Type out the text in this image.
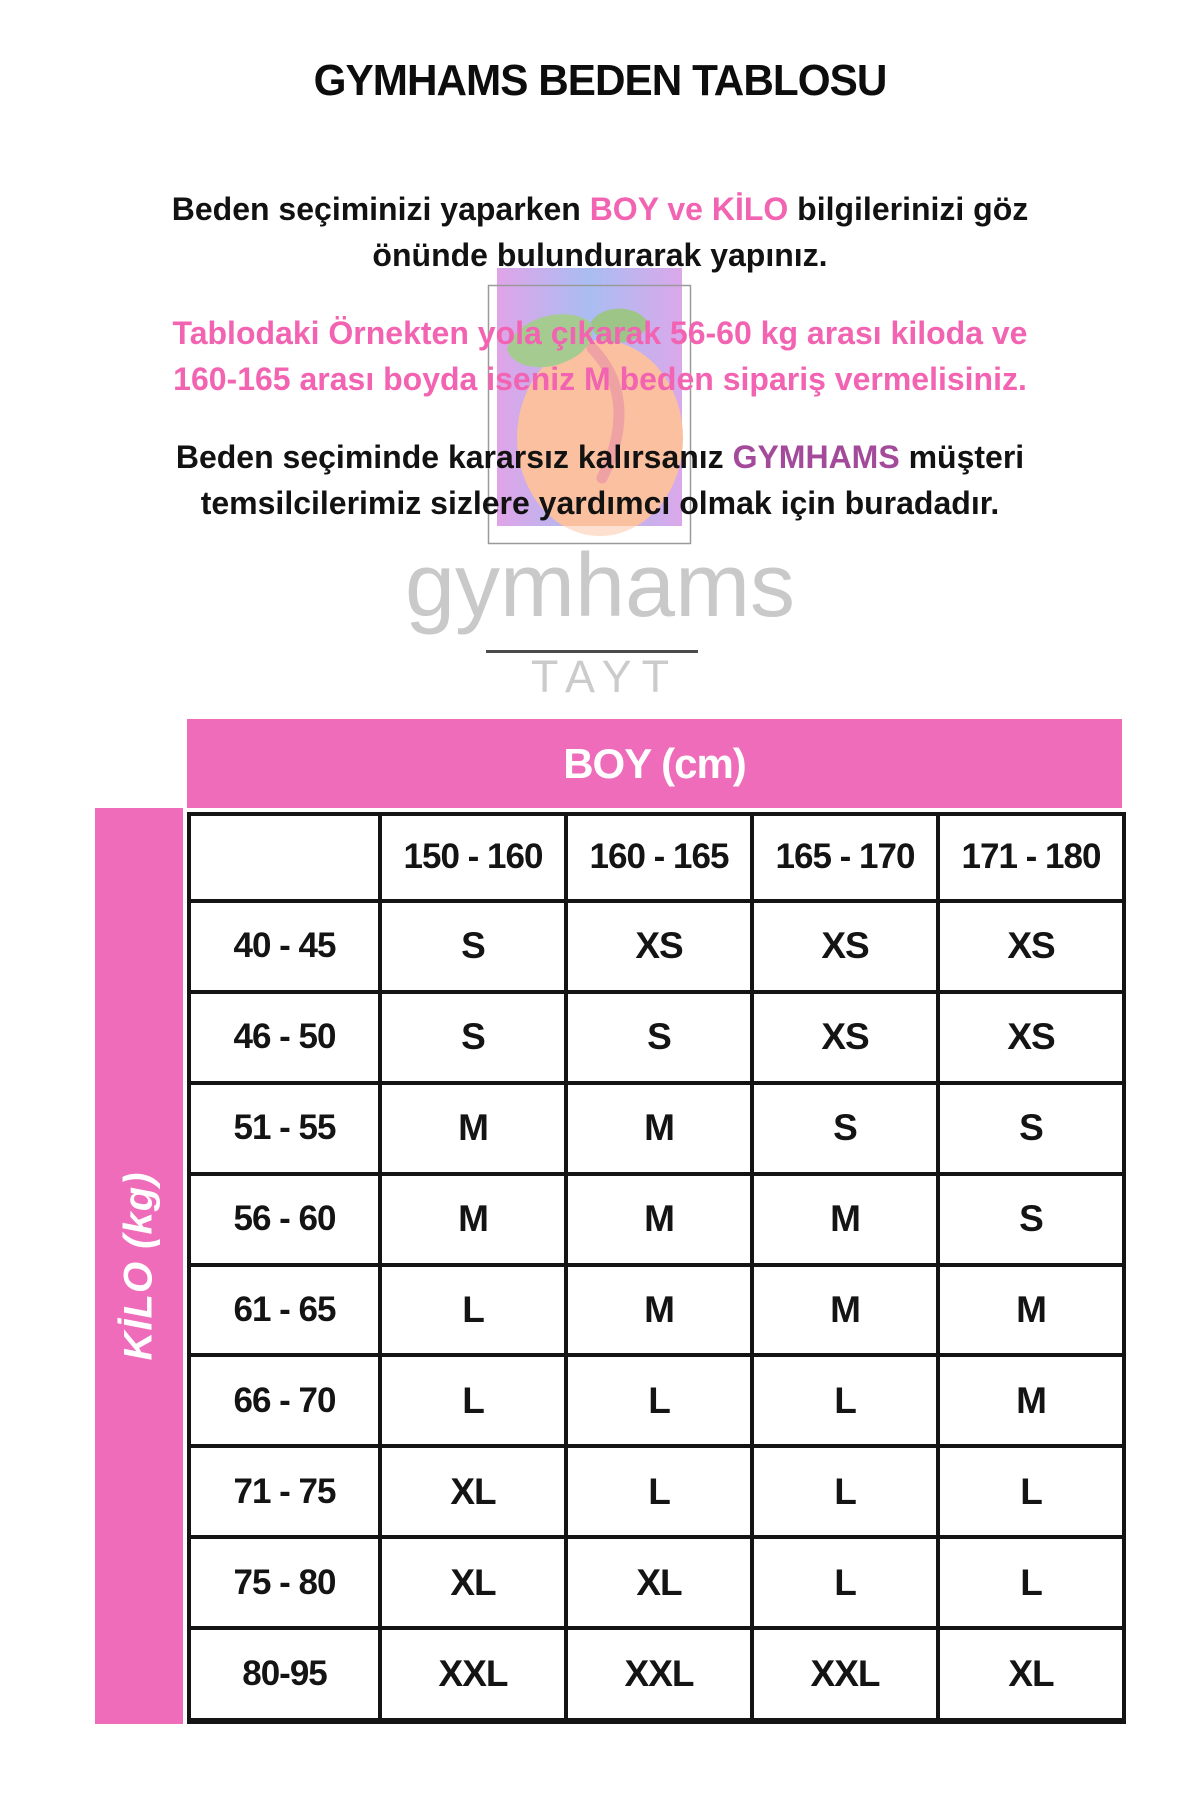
GYMHAMS BEDEN TABLOSU
Beden seçiminizi yaparken BOY ve KİLO bilgilerinizi göz
önünde bulundurarak yapınız.
Tablodaki Örnekten yola çıkarak 56-60 kg arası kiloda ve
160-165 arası boyda iseniz M beden sipariş vermelisiniz.
Beden seçiminde kararsız kalırsanız GYMHAMS müşteri
temsilcilerimiz sizlere yardımcı olmak için buradadır.
gymhams
TAYT
BOY (cm)
KİLO (kg)
	150 - 160	160 - 165	165 - 170	171 - 180
40 - 45	S	XS	XS	XS
46 - 50	S	S	XS	XS
51 - 55	M	M	S	S
56 - 60	M	M	M	S
61 - 65	L	M	M	M
66 - 70	L	L	L	M
71 - 75	XL	L	L	L
75 - 80	XL	XL	L	L
80-95	XXL	XXL	XXL	XL
